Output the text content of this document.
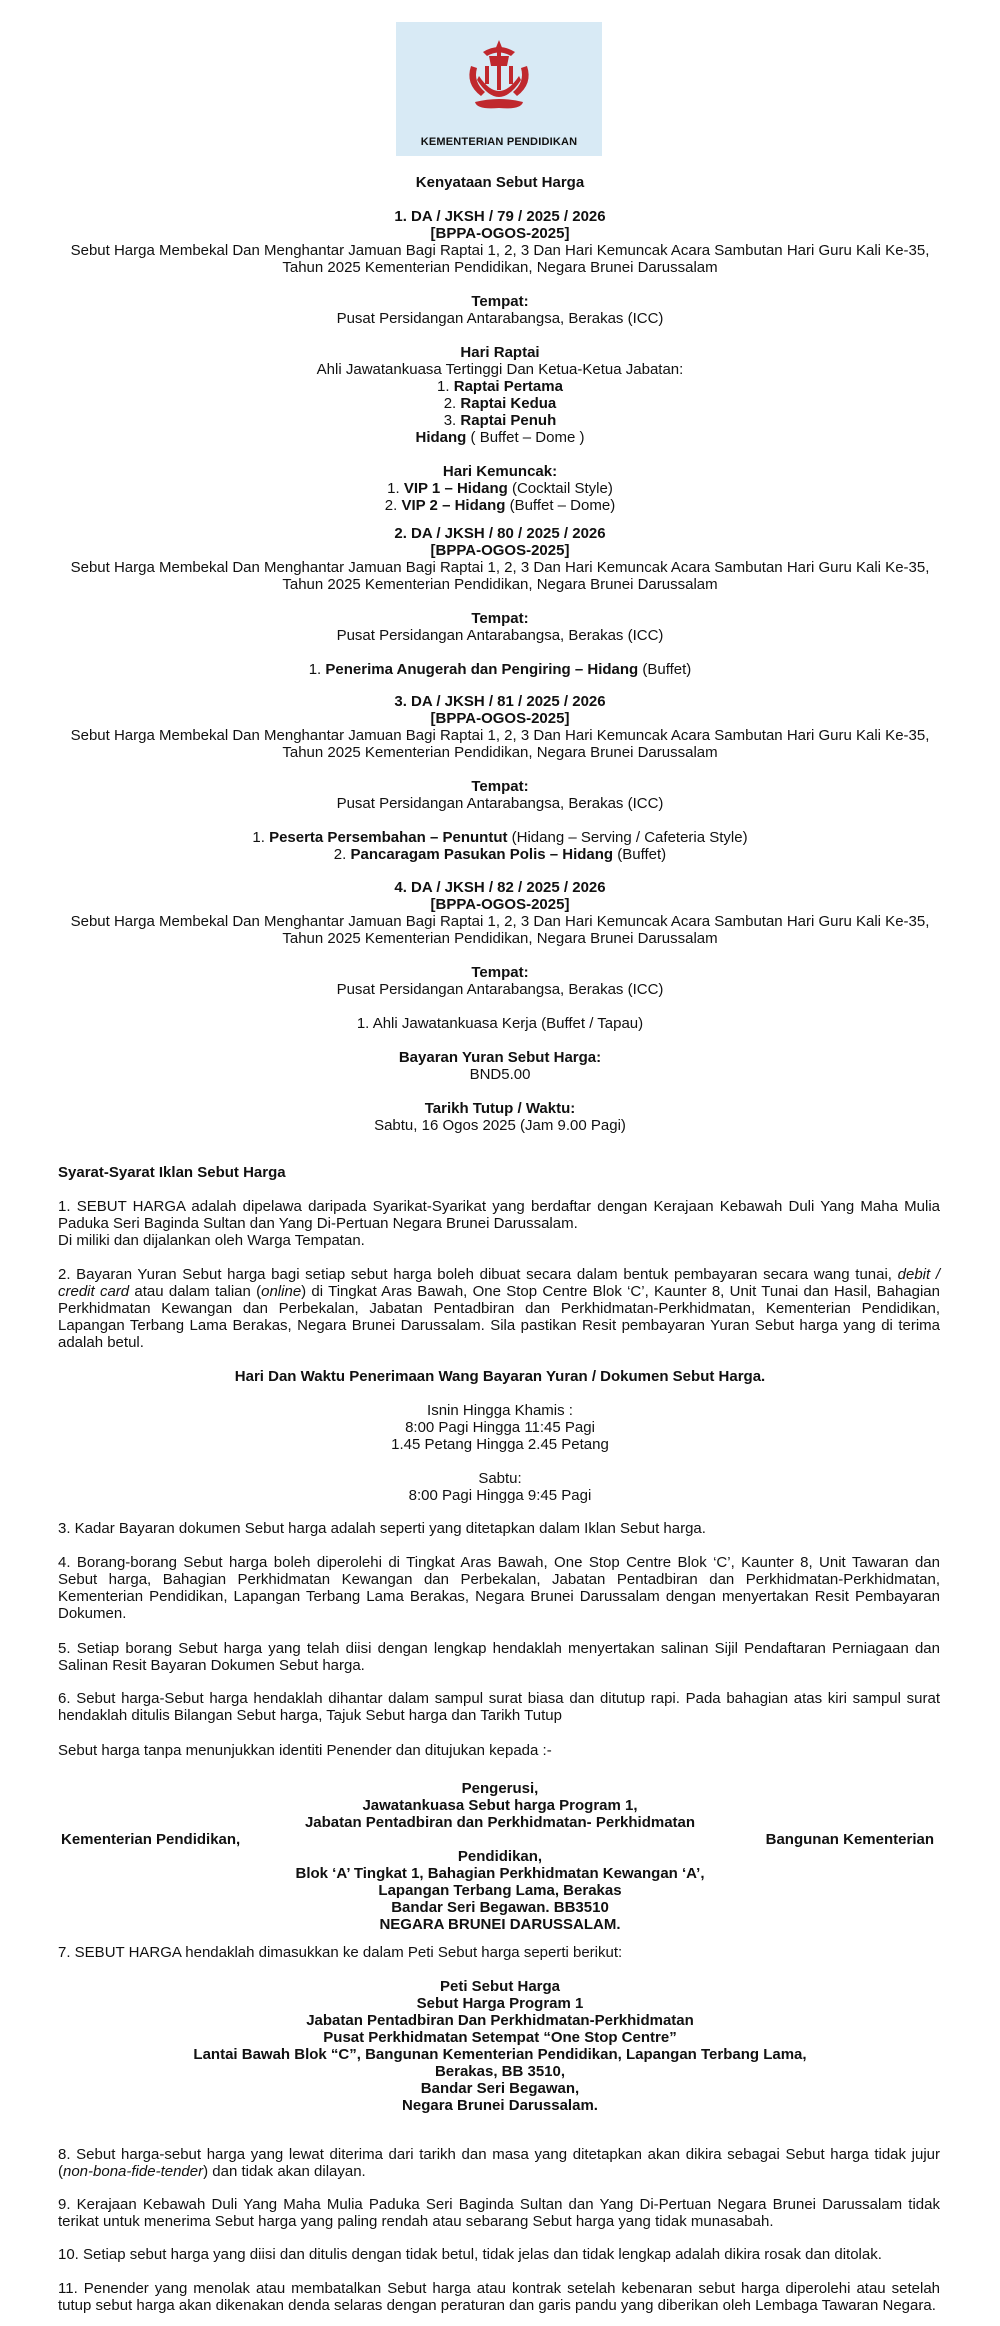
KEMENTERIAN PENDIDIKAN
Kenyataan Sebut Harga
1. DA / JKSH / 79 / 2025 / 2026
[BPPA-OGOS-2025]
Sebut Harga Membekal Dan Menghantar Jamuan Bagi Raptai 1, 2, 3 Dan Hari Kemuncak Acara Sambutan Hari Guru Kali Ke-35,
Tahun 2025 Kementerian Pendidikan, Negara Brunei Darussalam
Tempat:
Pusat Persidangan Antarabangsa, Berakas (ICC)
Hari Raptai
Ahli Jawatankuasa Tertinggi Dan Ketua-Ketua Jabatan:
1. Raptai Pertama
2. Raptai Kedua
3. Raptai Penuh
Hidang ( Buffet – Dome )
Hari Kemuncak:
1. VIP 1 – Hidang (Cocktail Style)
2. VIP 2 – Hidang (Buffet – Dome)
2. DA / JKSH / 80 / 2025 / 2026
[BPPA-OGOS-2025]
Sebut Harga Membekal Dan Menghantar Jamuan Bagi Raptai 1, 2, 3 Dan Hari Kemuncak Acara Sambutan Hari Guru Kali Ke-35,
Tahun 2025 Kementerian Pendidikan, Negara Brunei Darussalam
Tempat:
Pusat Persidangan Antarabangsa, Berakas (ICC)
1. Penerima Anugerah dan Pengiring – Hidang (Buffet)
3. DA / JKSH / 81 / 2025 / 2026
[BPPA-OGOS-2025]
Sebut Harga Membekal Dan Menghantar Jamuan Bagi Raptai 1, 2, 3 Dan Hari Kemuncak Acara Sambutan Hari Guru Kali Ke-35,
Tahun 2025 Kementerian Pendidikan, Negara Brunei Darussalam
Tempat:
Pusat Persidangan Antarabangsa, Berakas (ICC)
1. Peserta Persembahan – Penuntut (Hidang – Serving / Cafeteria Style)
2. Pancaragam Pasukan Polis – Hidang (Buffet)
4. DA / JKSH / 82 / 2025 / 2026
[BPPA-OGOS-2025]
Sebut Harga Membekal Dan Menghantar Jamuan Bagi Raptai 1, 2, 3 Dan Hari Kemuncak Acara Sambutan Hari Guru Kali Ke-35,
Tahun 2025 Kementerian Pendidikan, Negara Brunei Darussalam
Tempat:
Pusat Persidangan Antarabangsa, Berakas (ICC)
1. Ahli Jawatankuasa Kerja (Buffet / Tapau)
Bayaran Yuran Sebut Harga:
BND5.00
Tarikh Tutup / Waktu:
Sabtu, 16 Ogos 2025 (Jam 9.00 Pagi)
Syarat-Syarat Iklan Sebut Harga

1. SEBUT HARGA adalah dipelawa daripada Syarikat-Syarikat yang berdaftar dengan Kerajaan Kebawah Duli Yang Maha Mulia Paduka Seri Baginda Sultan dan Yang Di-Pertuan Negara Brunei Darussalam.

Di miliki dan dijalankan oleh Warga Tempatan.

2. Bayaran Yuran Sebut harga bagi setiap sebut harga boleh dibuat secara dalam bentuk pembayaran secara wang tunai, debit / credit card atau dalam talian (online) di Tingkat Aras Bawah, One Stop Centre Blok ‘C’, Kaunter 8, Unit Tunai dan Hasil, Bahagian Perkhidmatan Kewangan dan Perbekalan, Jabatan Pentadbiran dan Perkhidmatan-Perkhidmatan, Kementerian Pendidikan, Lapangan Terbang Lama Berakas, Negara Brunei Darussalam. Sila pastikan Resit pembayaran Yuran Sebut harga yang di terima adalah betul.

Hari Dan Waktu Penerimaan Wang Bayaran Yuran / Dokumen Sebut Harga.
Isnin Hingga Khamis :
8:00 Pagi Hingga 11:45 Pagi
1.45 Petang Hingga 2.45 Petang
Sabtu:
8:00 Pagi Hingga 9:45 Pagi
3. Kadar Bayaran dokumen Sebut harga adalah seperti yang ditetapkan dalam Iklan Sebut harga.
4. Borang-borang Sebut harga boleh diperolehi di Tingkat Aras Bawah, One Stop Centre Blok ‘C’, Kaunter 8, Unit Tawaran dan Sebut harga, Bahagian Perkhidmatan Kewangan dan Perbekalan, Jabatan Pentadbiran dan Perkhidmatan-Perkhidmatan, Kementerian Pendidikan, Lapangan Terbang Lama Berakas, Negara Brunei Darussalam dengan menyertakan Resit Pembayaran Dokumen.
5. Setiap borang Sebut harga yang telah diisi dengan lengkap hendaklah menyertakan salinan Sijil Pendaftaran Perniagaan dan Salinan Resit Bayaran Dokumen Sebut harga.
6. Sebut harga-Sebut harga hendaklah dihantar dalam sampul surat biasa dan ditutup rapi. Pada bahagian atas kiri sampul surat hendaklah ditulis Bilangan Sebut harga, Tajuk Sebut harga dan Tarikh Tutup
Sebut harga tanpa menunjukkan identiti Penender dan ditujukan kepada :-
Pengerusi,
Jawatankuasa Sebut harga Program 1,
Jabatan Pentadbiran dan Perkhidmatan- Perkhidmatan
Kementerian Pendidikan,	Bangunan Kementerian
Pendidikan,
Blok ‘A’ Tingkat 1, Bahagian Perkhidmatan Kewangan ‘A’,
Lapangan Terbang Lama, Berakas
Bandar Seri Begawan. BB3510
NEGARA BRUNEI DARUSSALAM.
7. SEBUT HARGA hendaklah dimasukkan ke dalam Peti Sebut harga seperti berikut:
Peti Sebut Harga
Sebut Harga Program 1
Jabatan Pentadbiran Dan Perkhidmatan-Perkhidmatan
Pusat Perkhidmatan Setempat “One Stop Centre”
Lantai Bawah Blok “C”, Bangunan Kementerian Pendidikan, Lapangan Terbang Lama,
Berakas, BB 3510,
Bandar Seri Begawan,
Negara Brunei Darussalam.

8. Sebut harga-sebut harga yang lewat diterima dari tarikh dan masa yang ditetapkan akan dikira sebagai Sebut harga tidak jujur (non-bona-fide-tender) dan tidak akan dilayan.

9. Kerajaan Kebawah Duli Yang Maha Mulia Paduka Seri Baginda Sultan dan Yang Di-Pertuan Negara Brunei Darussalam tidak terikat untuk menerima Sebut harga yang paling rendah atau sebarang Sebut harga yang tidak munasabah.
10. Setiap sebut harga yang diisi dan ditulis dengan tidak betul, tidak jelas dan tidak lengkap adalah dikira rosak dan ditolak.
11. Penender yang menolak atau membatalkan Sebut harga atau kontrak setelah kebenaran sebut harga diperolehi atau setelah tutup sebut harga akan dikenakan denda selaras dengan peraturan dan garis pandu yang diberikan oleh Lembaga Tawaran Negara.
